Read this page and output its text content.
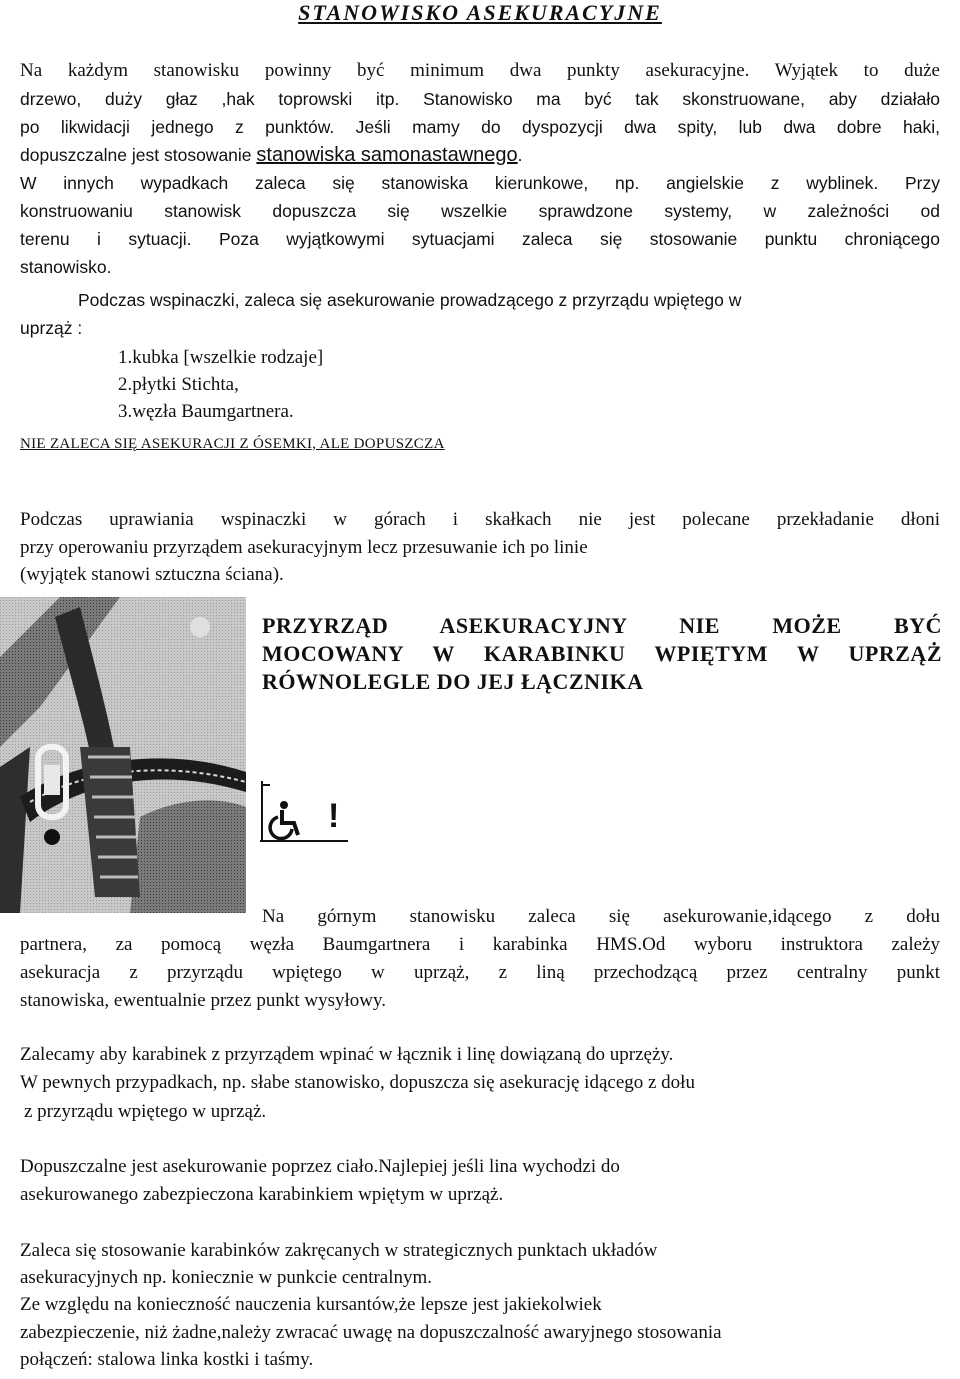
STANOWISKO ASEKURACYJNE
Na każdym stanowisku powinny być minimum dwa punkty asekuracyjne. Wyjątek to duże
drzewo, duży głaz ,hak toprowski itp. Stanowisko ma być tak skonstruowane, aby działało
po likwidacji jednego z punktów. Jeśli mamy do dyspozycji dwa spity, lub dwa dobre haki,
dopuszczalne jest stosowanie stanowiska samonastawnego.
W innych wypadkach zaleca się stanowiska kierunkowe, np. angielskie z wyblinek. Przy
konstruowaniu stanowisk dopuszcza się wszelkie sprawdzone systemy, w zależności od
terenu i sytuacji. Poza wyjątkowymi sytuacjami zaleca się stosowanie punktu chroniącego
stanowisko.
Podczas wspinaczki, zaleca się asekurowanie prowadzącego z przyrządu wpiętego w
uprząż :
1.kubka [wszelkie rodzaje]
2.płytki Stichta,
3.węzła Baumgartnera.
NIE ZALECA SIĘ ASEKURACJI Z ÓSEMKI, ALE DOPUSZCZA
Podczas uprawiania wspinaczki w górach i skałkach nie jest polecane przekładanie dłoni
przy operowaniu przyrządem asekuracyjnym lecz przesuwanie ich po linie
(wyjątek stanowi sztuczna ściana).
PRZYRZĄD ASEKURACYJNY NIE MOŻE BYĆ
MOCOWANY W KARABINKU WPIĘTYM W UPRZĄŻ
RÓWNOLEGLE DO JEJ ŁĄCZNIKA
!
Na górnym stanowisku zaleca się asekurowanie,idącego z dołu
partnera, za pomocą węzła Baumgartnera i karabinka HMS.Od wyboru instruktora zależy
asekuracja z przyrządu wpiętego w uprząż, z liną przechodzącą przez centralny punkt
stanowiska, ewentualnie przez punkt wysyłowy.
Zalecamy aby karabinek z przyrządem wpinać w łącznik i linę dowiązaną do uprzęży.
W pewnych przypadkach, np. słabe stanowisko, dopuszcza się asekurację idącego z dołu
z przyrządu wpiętego w uprząż.
Dopuszczalne jest asekurowanie poprzez ciało.Najlepiej jeśli lina wychodzi do
asekurowanego zabezpieczona karabinkiem wpiętym w uprząż.
Zaleca się stosowanie karabinków zakręcanych w strategicznych punktach układów
asekuracyjnych np. koniecznie w punkcie centralnym.
Ze względu na konieczność nauczenia kursantów,że lepsze jest jakiekolwiek
zabezpieczenie, niż żadne,należy zwracać uwagę na dopuszczalność awaryjnego stosowania
połączeń: stalowa linka kostki i taśmy.
